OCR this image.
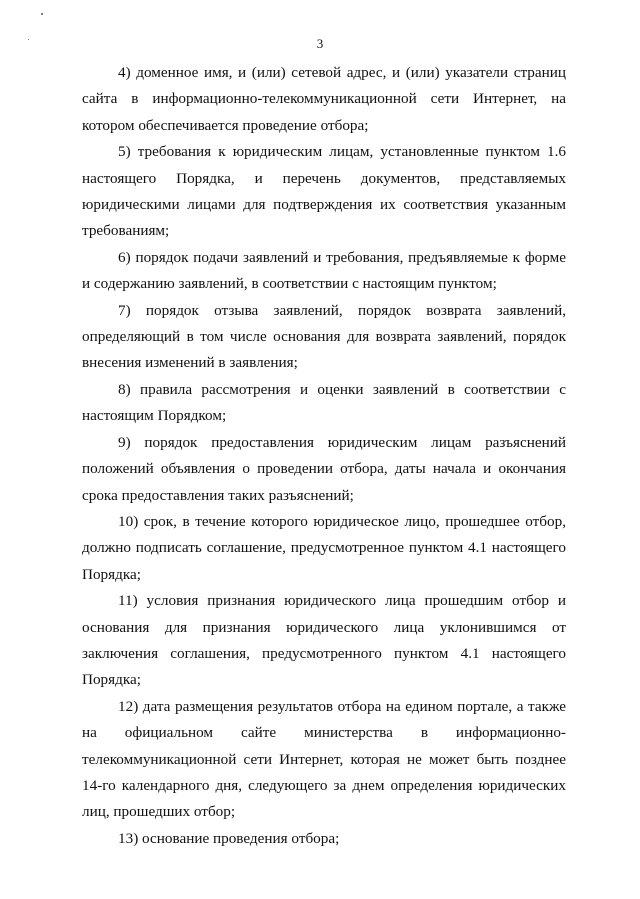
3

4) доменное имя, и (или) сетевой адрес, и (или) указатели страниц сайта в информационно-телекоммуникационной сети Интернет, на котором обеспечивается проведение отбора;

5) требования к юридическим лицам, установленные пунктом 1.6 настоящего Порядка, и перечень документов, представляемых юридическими лицами для подтверждения их соответствия указанным требованиям;

6) порядок подачи заявлений и требования, предъявляемые к форме и содержанию заявлений, в соответствии с настоящим пунктом;

7) порядок отзыва заявлений, порядок возврата заявлений, определяющий в том числе основания для возврата заявлений, порядок внесения изменений в заявления;

8) правила рассмотрения и оценки заявлений в соответствии с настоящим Порядком;

9) порядок предоставления юридическим лицам разъяснений положений объявления о проведении отбора, даты начала и окончания срока предоставления таких разъяснений;

10) срок, в течение которого юридическое лицо, прошедшее отбор, должно подписать соглашение, предусмотренное пунктом 4.1 настоящего Порядка;

11) условия признания юридического лица прошедшим отбор и основания для признания юридического лица уклонившимся от заключения соглашения, предусмотренного пунктом 4.1 настоящего Порядка;

12) дата размещения результатов отбора на едином портале, а также на официальном сайте министерства в информационно-телекоммуникационной сети Интернет, которая не может быть позднее 14-го календарного дня, следующего за днем определения юридических лиц, прошедших отбор;

13) основание проведения отбора;
